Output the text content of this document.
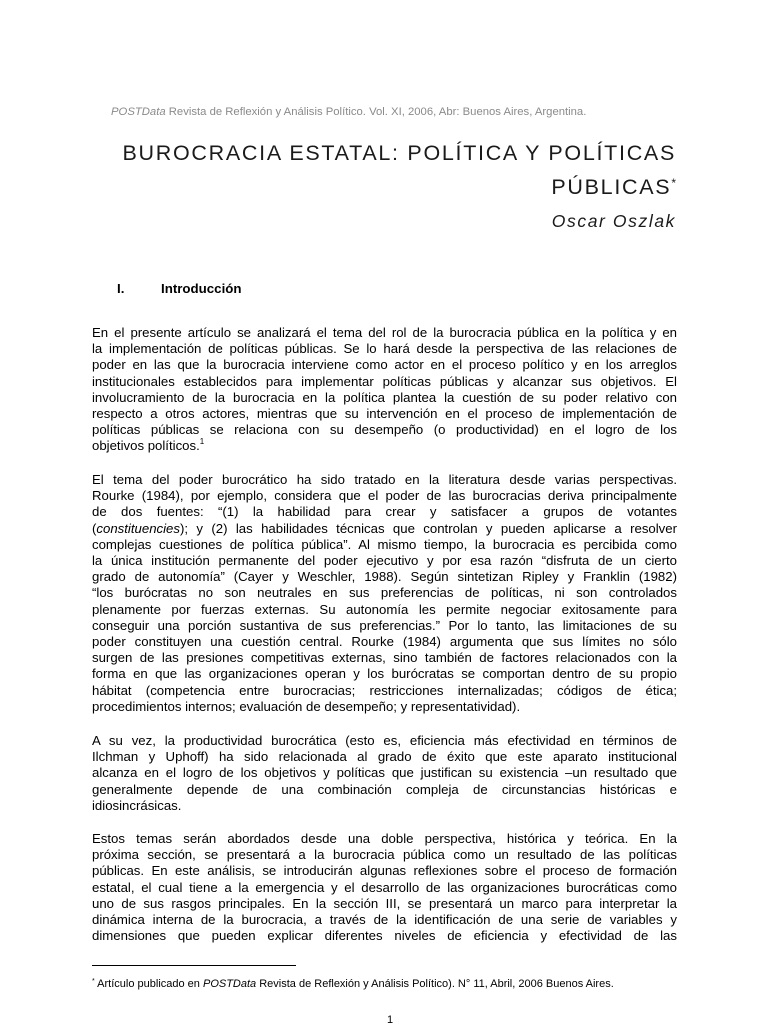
POSTData Revista de Reflexión y Análisis Político. Vol. XI, 2006, Abr: Buenos Aires, Argentina.
BUROCRACIA ESTATAL: POLÍTICA Y POLÍTICAS
PÚBLICAS*
Oscar Oszlak
I.	Introducción
En el presente artículo se analizará el tema del rol de la burocracia pública en la política y en
la implementación de políticas públicas. Se lo hará desde la perspectiva de las relaciones de
poder en las que la burocracia interviene como actor en el proceso político y en los arreglos
institucionales establecidos para implementar políticas públicas y alcanzar sus objetivos. El
involucramiento de la burocracia en la política plantea la cuestión de su poder relativo con
respecto a otros actores, mientras que su intervención en el proceso de implementación de
políticas públicas se relaciona con su desempeño (o productividad) en el logro de los
objetivos políticos.$^1$
El tema del poder burocrático ha sido tratado en la literatura desde varias perspectivas.
Rourke (1984), por ejemplo, considera que el poder de las burocracias deriva principalmente
de dos fuentes: “(1) la habilidad para crear y satisfacer a grupos de votantes
(constituencies); y (2) las habilidades técnicas que controlan y pueden aplicarse a resolver
complejas cuestiones de política pública”. Al mismo tiempo, la burocracia es percibida como
la única institución permanente del poder ejecutivo y por esa razón “disfruta de un cierto
grado de autonomía” (Cayer y Weschler, 1988). Según sintetizan Ripley y Franklin (1982)
“los burócratas no son neutrales en sus preferencias de políticas, ni son controlados
plenamente por fuerzas externas. Su autonomía les permite negociar exitosamente para
conseguir una porción sustantiva de sus preferencias.” Por lo tanto, las limitaciones de su
poder constituyen una cuestión central. Rourke (1984) argumenta que sus límites no sólo
surgen de las presiones competitivas externas, sino también de factores relacionados con la
forma en que las organizaciones operan y los burócratas se comportan dentro de su propio
hábitat (competencia entre burocracias; restricciones internalizadas; códigos de ética;
procedimientos internos; evaluación de desempeño; y representatividad).
A su vez, la productividad burocrática (esto es, eficiencia más efectividad en términos de
Ilchman y Uphoff) ha sido relacionada al grado de éxito que este aparato institucional
alcanza en el logro de los objetivos y políticas que justifican su existencia –un resultado que
generalmente depende de una combinación compleja de circunstancias históricas e
idiosincrásicas.
Estos temas serán abordados desde una doble perspectiva, histórica y teórica. En la
próxima sección, se presentará a la burocracia pública como un resultado de las políticas
públicas. En este análisis, se introducirán algunas reflexiones sobre el proceso de formación
estatal, el cual tiene a la emergencia y el desarrollo de las organizaciones burocráticas como
uno de sus rasgos principales. En la sección III, se presentará un marco para interpretar la
dinámica interna de la burocracia, a través de la identificación de una serie de variables y
dimensiones que pueden explicar diferentes niveles de eficiencia y efectividad de las
* Artículo publicado en POSTData Revista de Reflexión y Análisis Político). N° 11, Abril, 2006 Buenos Aires.
1
